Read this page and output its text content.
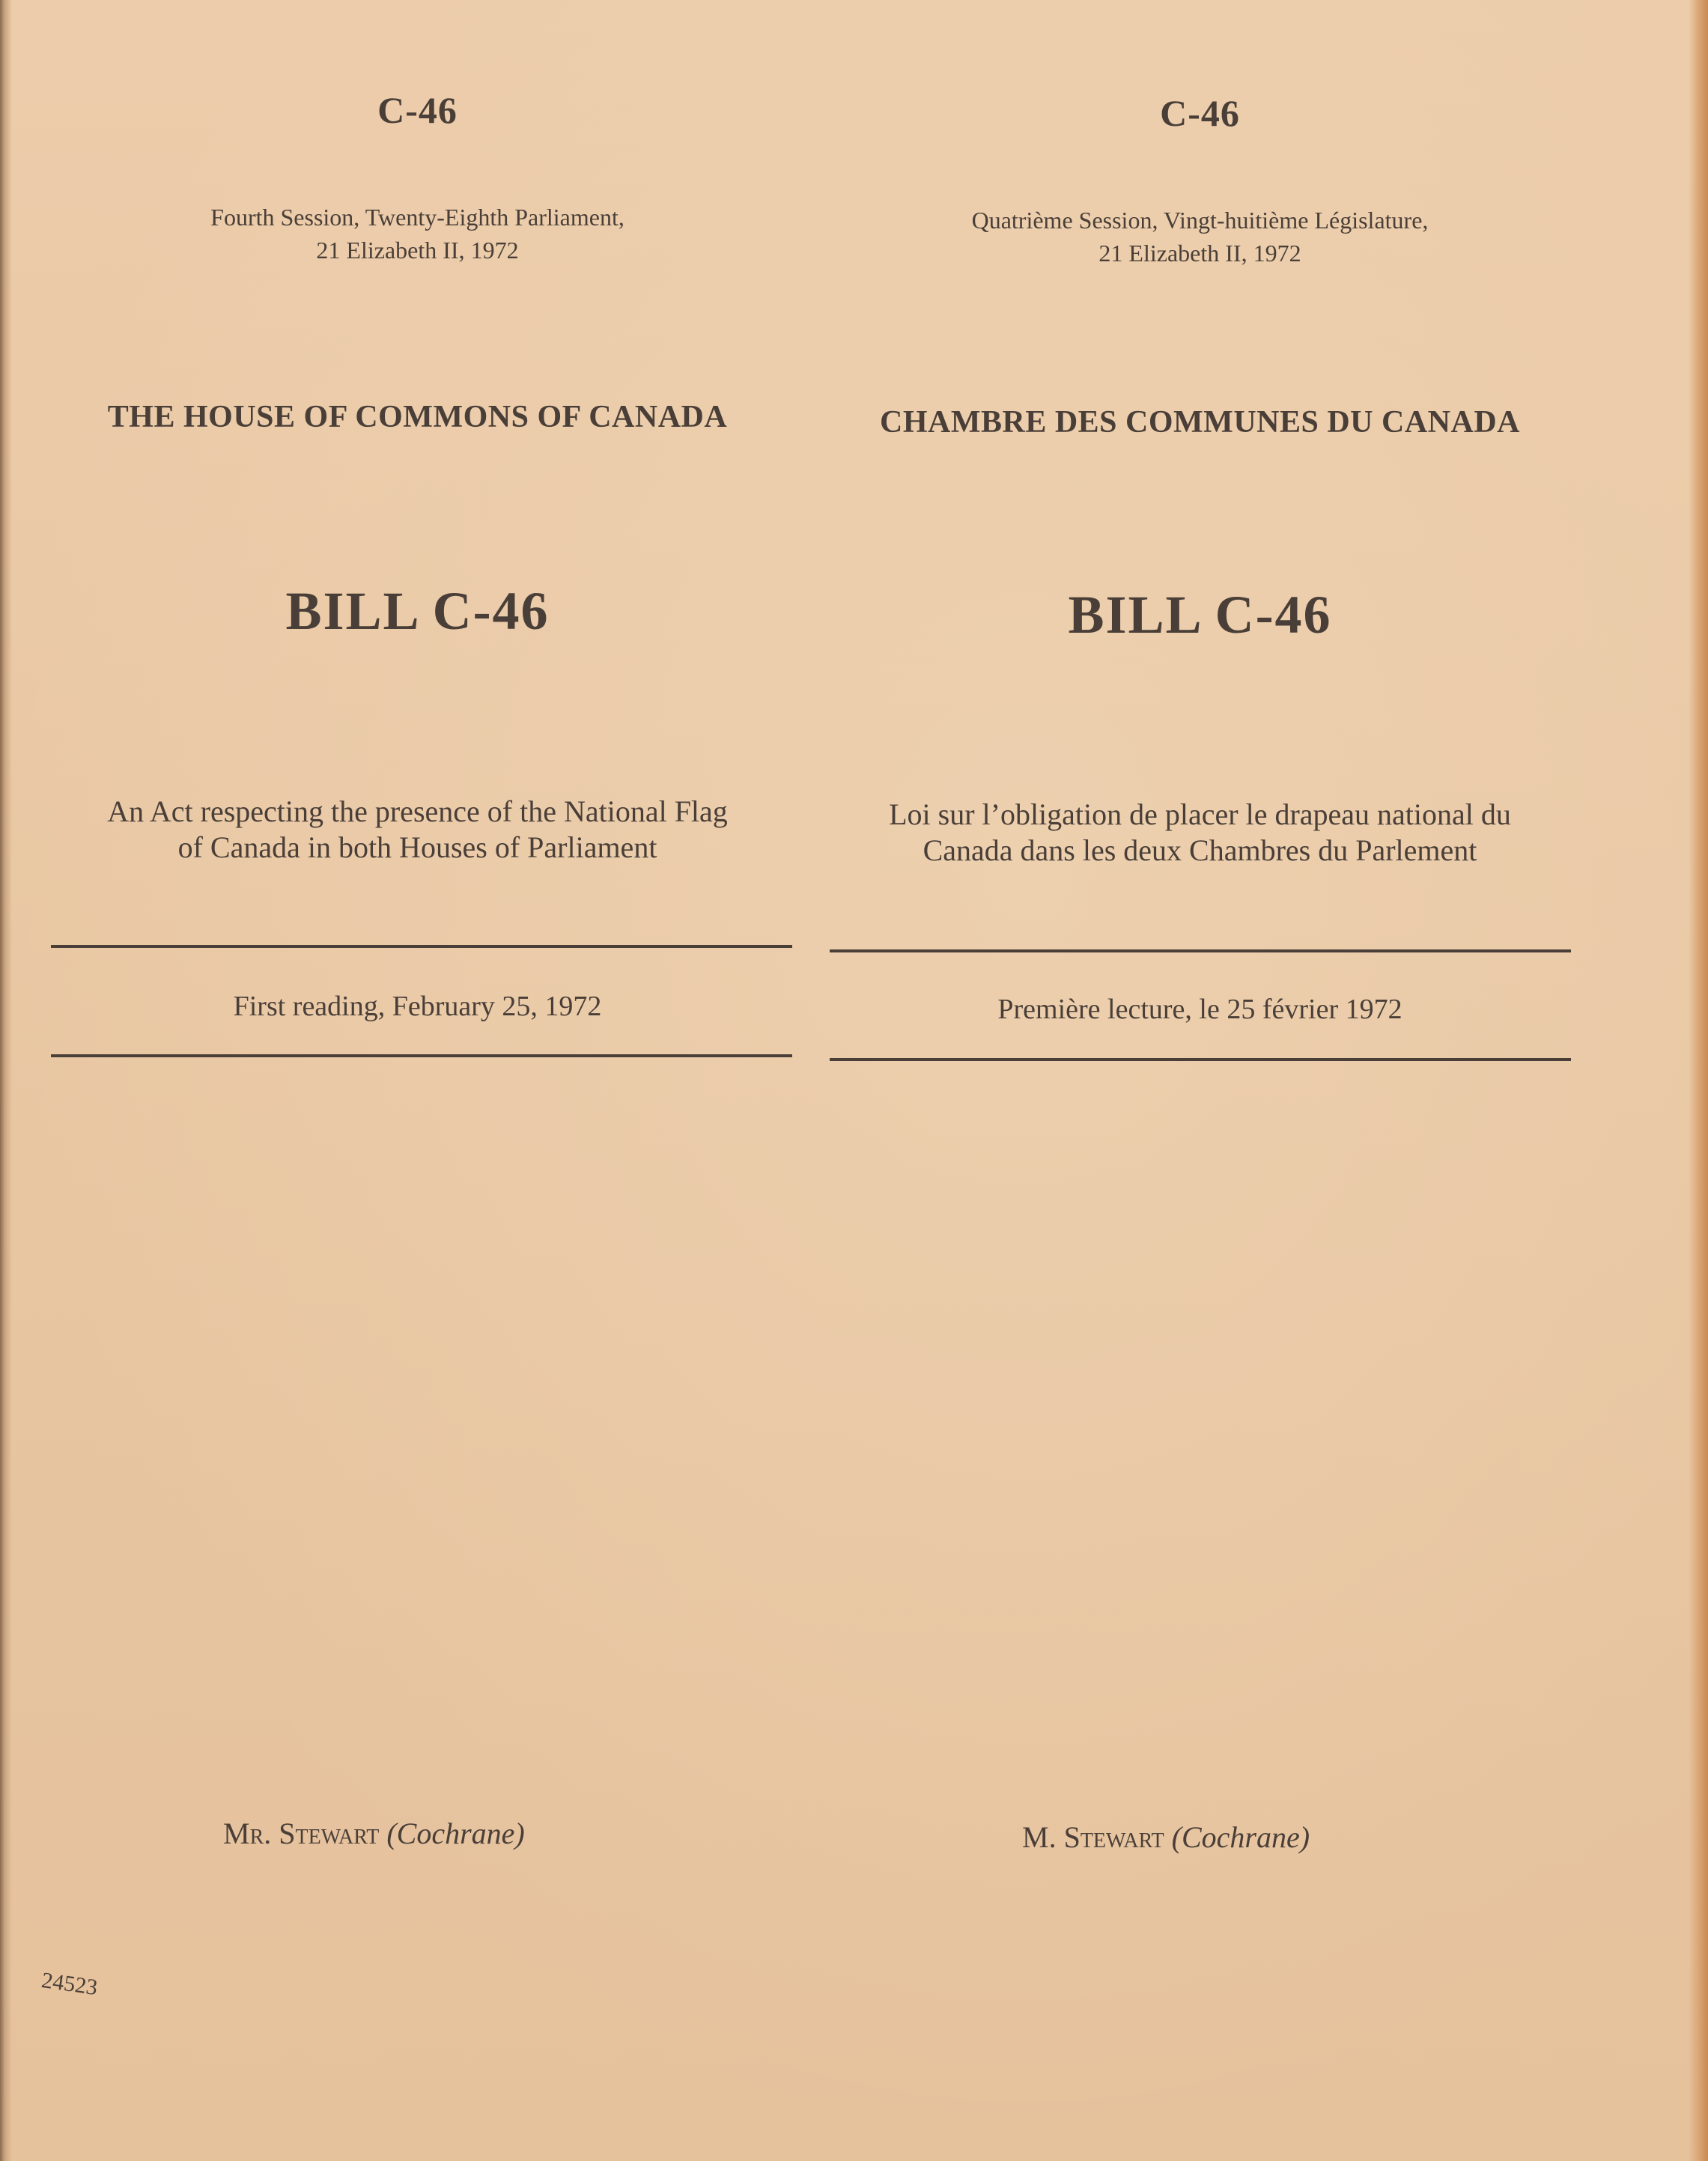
C-46
Fourth Session, Twenty-Eighth Parliament,
21 Elizabeth II, 1972
THE HOUSE OF COMMONS OF CANADA
BILL C-46
An Act respecting the presence of the National Flag
of Canada in both Houses of Parliament
First reading, February 25, 1972
Mr. Stewart (Cochrane)
C-46
Quatrième Session, Vingt-huitième Législature,
21 Elizabeth II, 1972
CHAMBRE DES COMMUNES DU CANADA
BILL C-46
Loi sur l’obligation de placer le drapeau national du
Canada dans les deux Chambres du Parlement
Première lecture, le 25 février 1972
M. Stewart (Cochrane)
24523
